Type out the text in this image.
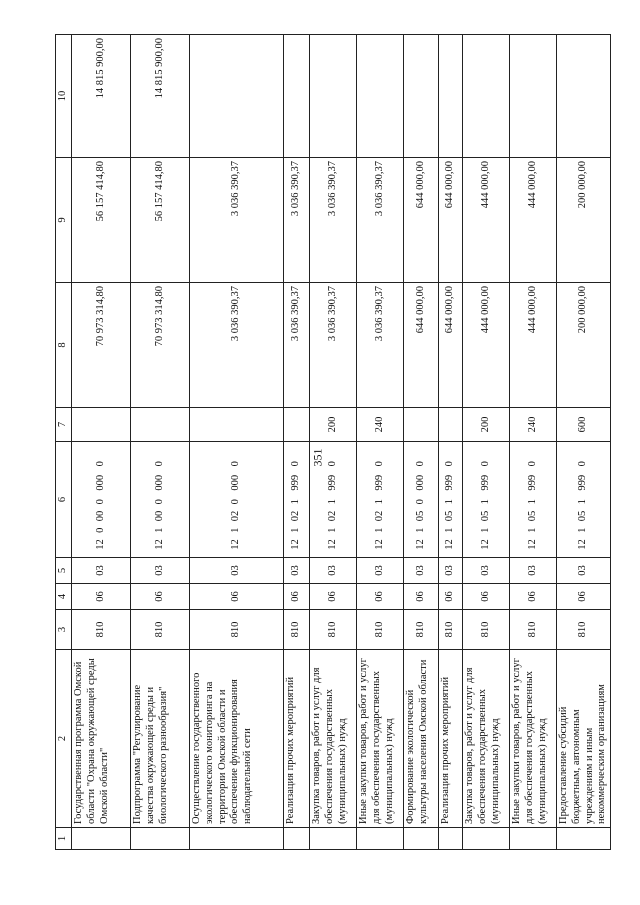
351
1	2	3	4	5	6	7	8	9	10
	Государственная программа Омской области "Охрана окружающей среды Омской области"	810	06	03	1200000000		70 973 314,80	56 157 414,80	14 815 900,00
	Подпрограмма "Регулирование качества окружающей среды и биологического разнообразия"	810	06	03	1210000000		70 973 314,80	56 157 414,80	14 815 900,00
	Осуществление государственного экологического мониторинга на территории Омской области и обеспечение функционирования наблюдательной сети	810	06	03	1210200000		3 036 390,37	3 036 390,37	
	Реализация прочих мероприятий	810	06	03	1210219990		3 036 390,37	3 036 390,37	
	Закупка товаров, работ и услуг для обеспечения государственных (муниципальных) нужд	810	06	03	1210219990	200	3 036 390,37	3 036 390,37	
	Иные закупки товаров, работ и услуг для обеспечения государственных (муниципальных) нужд	810	06	03	1210219990	240	3 036 390,37	3 036 390,37	
	Формирование экологической культуры населения Омской области	810	06	03	1210500000		644 000,00	644 000,00	
	Реализация прочих мероприятий	810	06	03	1210519990		644 000,00	644 000,00	
	Закупка товаров, работ и услуг для обеспечения государственных (муниципальных) нужд	810	06	03	1210519990	200	444 000,00	444 000,00	
	Иные закупки товаров, работ и услуг для обеспечения государственных (муниципальных) нужд	810	06	03	1210519990	240	444 000,00	444 000,00	
	Предоставление субсидий бюджетным, автономным учреждениям и иным некоммерческим организациям	810	06	03	1210519990	600	200 000,00	200 000,00	
